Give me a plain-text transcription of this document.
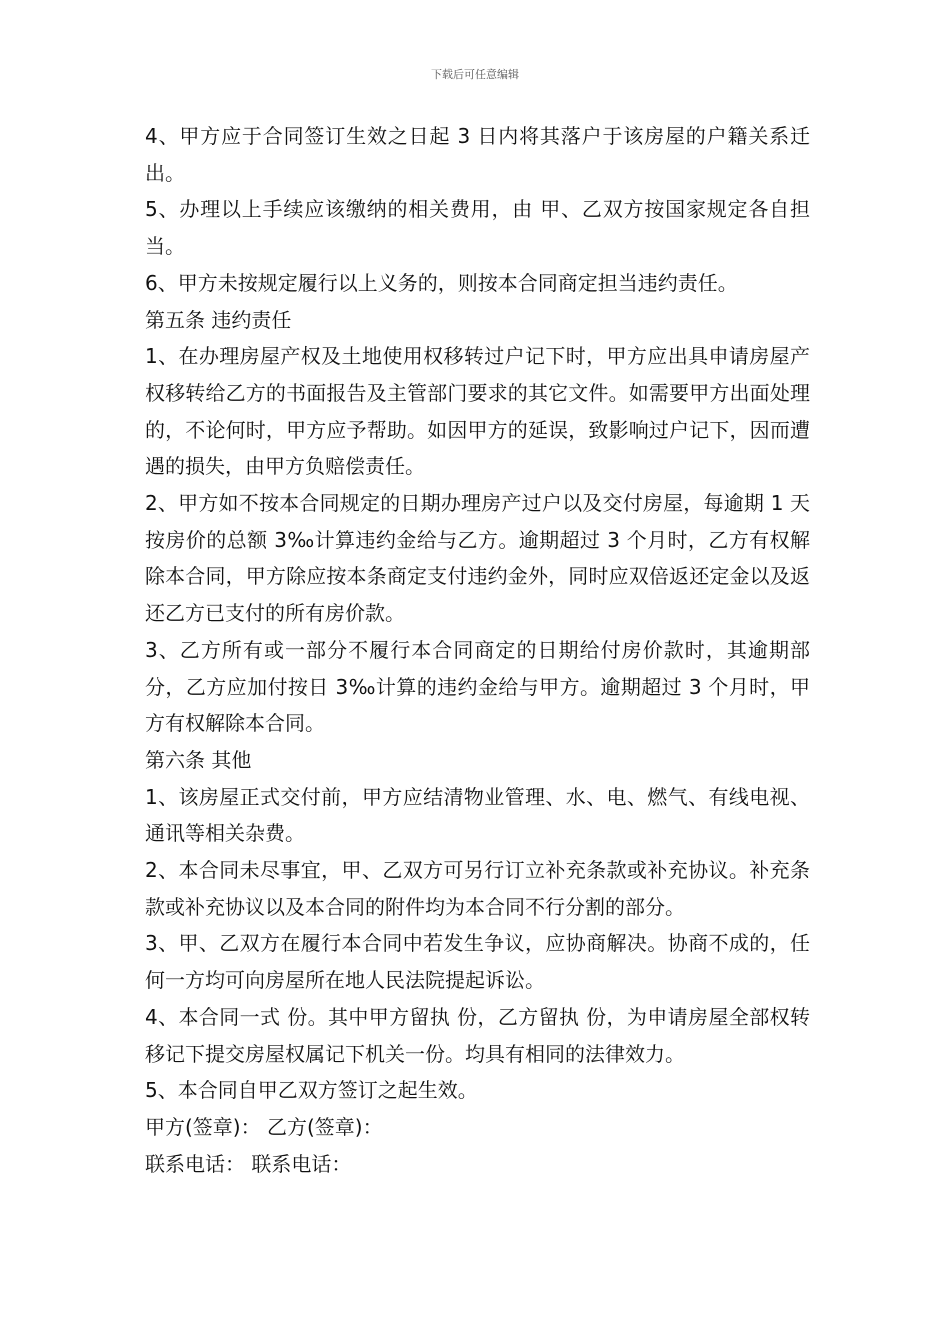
下载后可任意编辑

4、甲方应于合同签订生效之日起 3 日内将其落户于该房屋的户籍关系迁出。

5、办理以上手续应该缴纳的相关费用，由 甲、乙双方按国家规定各自担当。

6、甲方未按规定履行以上义务的，则按本合同商定担当违约责任。

第五条 违约责任

1、在办理房屋产权及土地使用权移转过户记下时，甲方应出具申请房屋产权移转给乙方的书面报告及主管部门要求的其它文件。如需要甲方出面处理的，不论何时，甲方应予帮助。如因甲方的延误，致影响过户记下，因而遭遇的损失，由甲方负赔偿责任。

2、甲方如不按本合同规定的日期办理房产过户以及交付房屋，每逾期 1 天按房价的总额 3‰计算违约金给与乙方。逾期超过 3 个月时，乙方有权解除本合同，甲方除应按本条商定支付违约金外，同时应双倍返还定金以及返还乙方已支付的所有房价款。

3、乙方所有或一部分不履行本合同商定的日期给付房价款时，其逾期部分，乙方应加付按日 3‰计算的违约金给与甲方。逾期超过 3 个月时，甲方有权解除本合同。

第六条 其他

1、该房屋正式交付前，甲方应结清物业管理、水、电、燃气、有线电视、通讯等相关杂费。

2、本合同未尽事宜，甲、乙双方可另行订立补充条款或补充协议。补充条款或补充协议以及本合同的附件均为本合同不行分割的部分。

3、甲、乙双方在履行本合同中若发生争议，应协商解决。协商不成的，任何一方均可向房屋所在地人民法院提起诉讼。

4、本合同一式 份。其中甲方留执 份，乙方留执 份，为申请房屋全部权转移记下提交房屋权属记下机关一份。均具有相同的法律效力。

5、本合同自甲乙双方签订之起生效。

甲方(签章)： 乙方(签章)：

联系电话： 联系电话：
